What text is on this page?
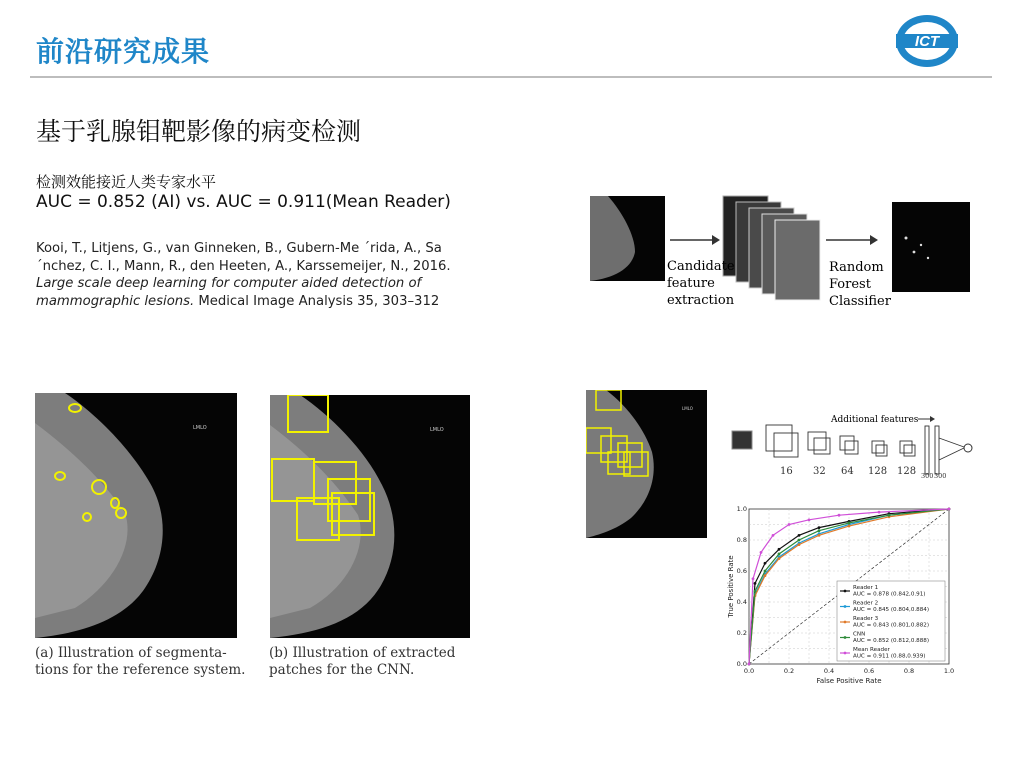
前沿研究成果	ICT
基于乳腺钼靶影像的病变检测
检测效能接近人类专家水平
AUC = 0.852 (AI) vs. AUC = 0.911(Mean Reader)
Kooi, T., Litjens, G., van Ginneken, B., Gubern-Me ´rida, A., Sa ´nchez, C. I., Mann, R., den Heeten, A., Karssemeijer, N., 2016. Large scale deep learning for computer aided detection of mammographic lesions. Medical Image Analysis 35, 303–312
LMLO
(a) Illustration of segmenta-
tions for the reference system.
LMLO
(b) Illustration of extracted
patches for the CNN.
Candidate
feature
extraction
Random
Forest
Classifier
LMLO
Additional features
16 32 64 128 128 300 300
0.0	0.2	0.4	0.6	0.8	1.0
0.0
0.2
0.4
0.6
0.8
1.0
False Positive Rate
True Positive Rate	Reader 1
AUC = 0.878 (0.842,0.91)
Reader 2
AUC = 0.845 (0.804,0.884)
Reader 3
AUC = 0.843 (0.801,0.882)
CNN
AUC = 0.852 (0.812,0.888)
Mean Reader
AUC = 0.911 (0.88,0.939)
